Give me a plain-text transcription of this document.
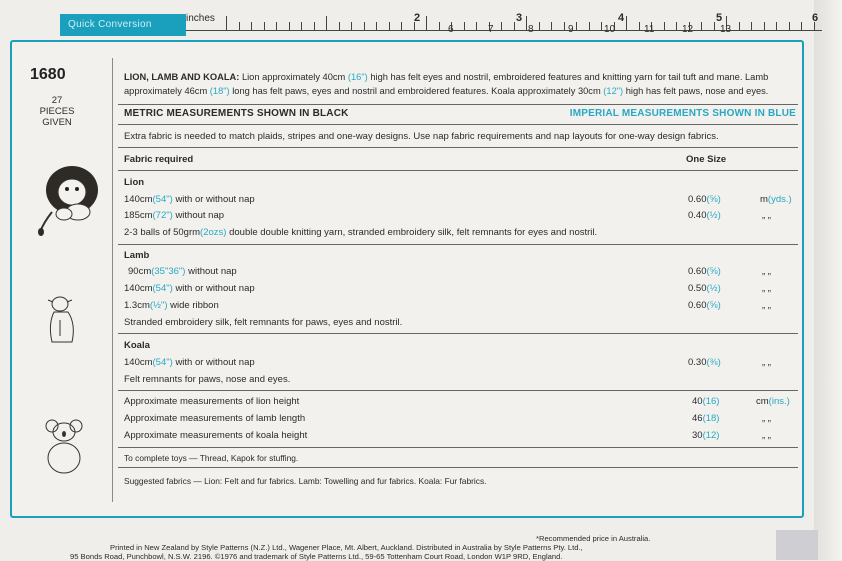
Quick Conversion
inches	2	3	4	5	6
6	7	8	9	10	11	12	13
1680
27 PIECES
GIVEN
LION, LAMB AND KOALA: Lion approximately 40cm (16") high has felt eyes and nostril, embroidered features and knitting yarn for tail tuft and mane. Lamb
approximately 46cm (18") long has felt paws, eyes and nostril and embroidered features. Koala approximately 30cm (12") high has felt paws, nose and eyes.
METRIC MEASUREMENTS SHOWN IN BLACK	IMPERIAL MEASUREMENTS SHOWN IN BLUE
Extra fabric is needed to match plaids, stripes and one-way designs. Use nap fabric requirements and nap layouts for one-way design fabrics.
Fabric required	One Size
Lion
140cm(54") with or without nap	0.60(⅝)	m(yds.)
185cm(72") without nap	0.40(½)	„ „
2-3 balls of 50grm(2ozs) double double knitting yarn, stranded embroidery silk, felt remnants for eyes and nostril.
Lamb
90cm(35"36") without nap	0.60(⅝)	„ „
140cm(54") with or without nap	0.50(½)	„ „
1.3cm(½") wide ribbon	0.60(⅝)	„ „
Stranded embroidery silk, felt remnants for paws, eyes and nostril.
Koala
140cm(54") with or without nap	0.30(⅜)	„ „
Felt remnants for paws, nose and eyes.
Approximate measurements of lion height	40(16)	cm(ins.)
Approximate measurements of lamb length	46(18)	„ „
Approximate measurements of koala height	30(12)	„ „
To complete toys — Thread, Kapok for stuffing.
Suggested fabrics — Lion: Felt and fur fabrics. Lamb: Towelling and fur fabrics. Koala: Fur fabrics.
Printed in New Zealand by Style Patterns (N.Z.) Ltd., Wagener Place, Mt. Albert, Auckland. Distributed in Australia by Style Patterns Pty. Ltd.,
95 Bonds Road, Punchbowl, N.S.W. 2196. ©1976 and trademark of Style Patterns Ltd., 59-65 Tottenham Court Road, London W1P 9RD, England.
*Recommended price in Australia.
